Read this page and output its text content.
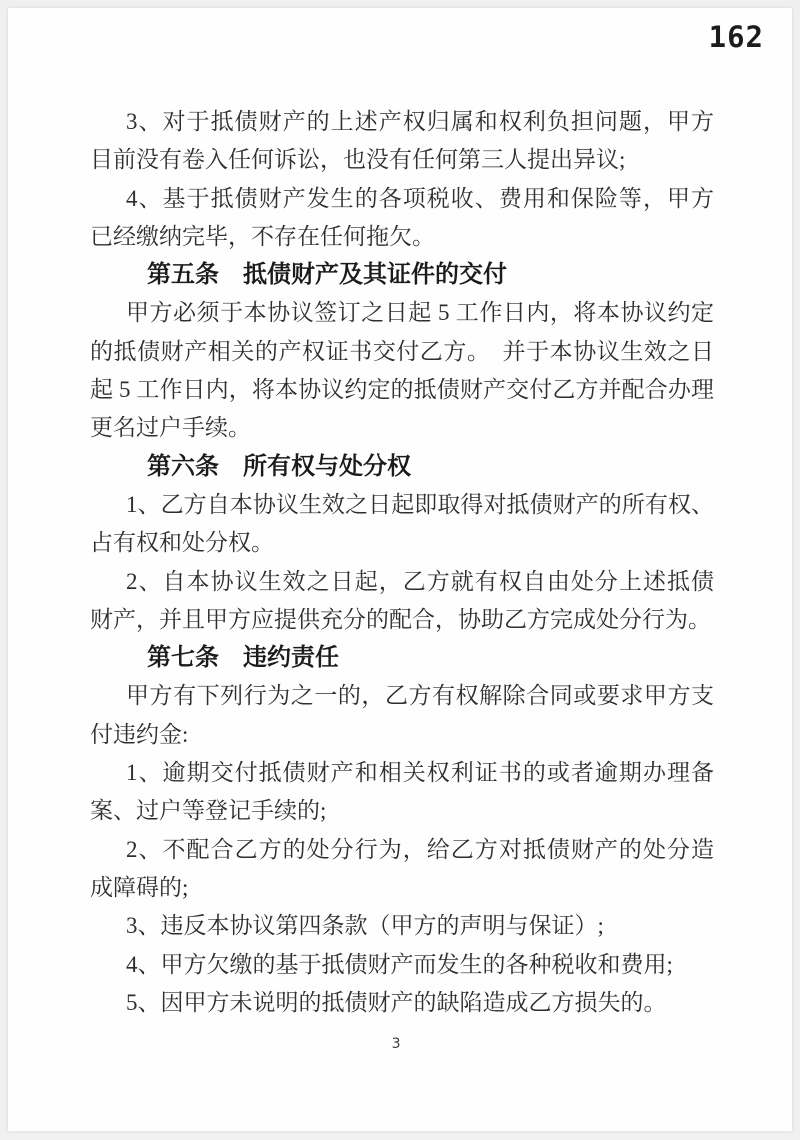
162
3、对于抵债财产的上述产权归属和权利负担问题，甲方
目前没有卷入任何诉讼，也没有任何第三人提出异议;
4、基于抵债财产发生的各项税收、费用和保险等，甲方
已经缴纳完毕，不存在任何拖欠。
第五条　抵债财产及其证件的交付
甲方必须于本协议签订之日起 5 工作日内，将本协议约定
的抵债财产相关的产权证书交付乙方。　并于本协议生效之日
起 5 工作日内，将本协议约定的抵债财产交付乙方并配合办理
更名过户手续。
第六条　所有权与处分权
1、乙方自本协议生效之日起即取得对抵债财产的所有权、
占有权和处分权。
2、自本协议生效之日起，乙方就有权自由处分上述抵债
财产，并且甲方应提供充分的配合，协助乙方完成处分行为。
第七条　违约责任
甲方有下列行为之一的，乙方有权解除合同或要求甲方支
付违约金:
1、逾期交付抵债财产和相关权利证书的或者逾期办理备
案、过户等登记手续的;
2、不配合乙方的处分行为，给乙方对抵债财产的处分造
成障碍的;
3、违反本协议第四条款（甲方的声明与保证）;
4、甲方欠缴的基于抵债财产而发生的各种税收和费用;
5、因甲方未说明的抵债财产的缺陷造成乙方损失的。
3
